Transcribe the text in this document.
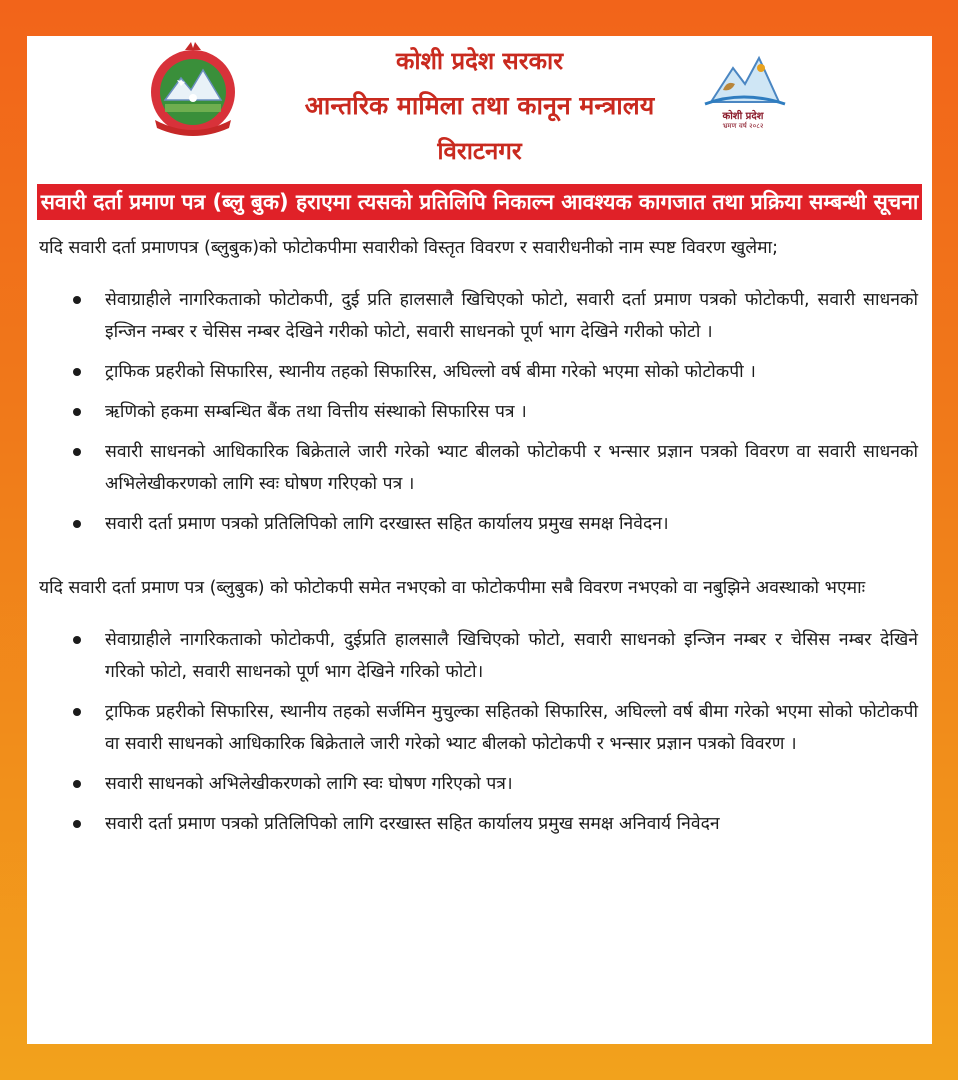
कोशी प्रदेश सरकार
आन्तरिक मामिला तथा कानून मन्त्रालय
विराटनगर
कोशी प्रदेश
भ्रमण वर्ष २०८२
सवारी दर्ता प्रमाण पत्र (ब्लु बुक) हराएमा त्यसको प्रतिलिपि निकाल्न आवश्यक कागजात तथा प्रक्रिया सम्बन्धी सूचना

यदि सवारी दर्ता प्रमाणपत्र (ब्लुबुक)को फोटोकपीमा सवारीको विस्तृत विवरण र सवारीधनीको नाम स्पष्ट विवरण खुलेमा;

सेवाग्राहीले नागरिकताको फोटोकपी, दुई प्रति हालसालै खिचिएको फोटो, सवारी दर्ता प्रमाण पत्रको फोटोकपी, सवारी साधनको इन्जिन नम्बर र चेसिस नम्बर देखिने गरीको फोटो, सवारी साधनको पूर्ण भाग देखिने गरीको फोटो ।
ट्राफिक प्रहरीको सिफारिस, स्थानीय तहको सिफारिस, अघिल्लो वर्ष बीमा गरेको भएमा सोको फोटोकपी ।
ऋणिको हकमा सम्बन्धित बैंक तथा वित्तीय संस्थाको सिफारिस पत्र ।
सवारी साधनको आधिकारिक बिक्रेताले जारी गरेको भ्याट बीलको फोटोकपी र भन्सार प्रज्ञान पत्रको विवरण वा सवारी साधनको अभिलेखीकरणको लागि स्वः घोषण गरिएको पत्र ।
सवारी दर्ता प्रमाण पत्रको प्रतिलिपिको लागि दरखास्त सहित कार्यालय प्रमुख समक्ष निवेदन।

यदि सवारी दर्ता प्रमाण पत्र (ब्लुबुक) को फोटोकपी समेत नभएको वा फोटोकपीमा सबै विवरण नभएको वा नबुझिने अवस्थाको भएमाः

सेवाग्राहीले नागरिकताको फोटोकपी, दुईप्रति हालसालै खिचिएको फोटो, सवारी साधनको इन्जिन नम्बर र चेसिस नम्बर देखिने गरिको फोटो, सवारी साधनको पूर्ण भाग देखिने गरिको फोटो।
ट्राफिक प्रहरीको सिफारिस, स्थानीय तहको सर्जमिन मुचुल्का सहितको सिफारिस, अघिल्लो वर्ष बीमा गरेको भएमा सोको फोटोकपी वा सवारी साधनको आधिकारिक बिक्रेताले जारी गरेको भ्याट बीलको फोटोकपी र भन्सार प्रज्ञान पत्रको विवरण ।
सवारी साधनको अभिलेखीकरणको लागि स्वः घोषण गरिएको पत्र।
सवारी दर्ता प्रमाण पत्रको प्रतिलिपिको लागि दरखास्त सहित कार्यालय प्रमुख समक्ष अनिवार्य निवेदन
